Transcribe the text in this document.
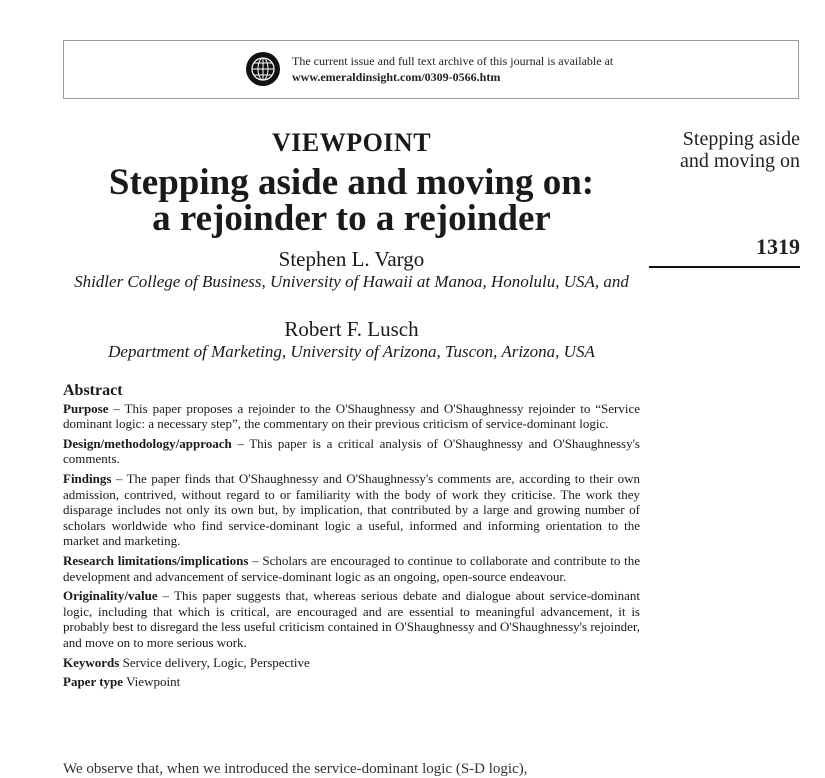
The current issue and full text archive of this journal is available at
www.emeraldinsight.com/0309-0566.htm
Stepping aside
and moving on
1319
VIEWPOINT
Stepping aside and moving on:
a rejoinder to a rejoinder
Stephen L. Vargo
Shidler College of Business, University of Hawaii at Manoa, Honolulu, USA, and
Robert F. Lusch
Department of Marketing, University of Arizona, Tuscon, Arizona, USA
Abstract

Purpose – This paper proposes a rejoinder to the O'Shaughnessy and O'Shaughnessy rejoinder to “Service dominant logic: a necessary step”, the commentary on their previous criticism of service-dominant logic.

Design/methodology/approach – This paper is a critical analysis of O'Shaughnessy and O'Shaughnessy's comments.

Findings – The paper finds that O'Shaughnessy and O'Shaughnessy's comments are, according to their own admission, contrived, without regard to or familiarity with the body of work they criticise. The work they disparage includes not only its own but, by implication, that contributed by a large and growing number of scholars worldwide who find service-dominant logic a useful, informed and informing orientation to the market and marketing.

Research limitations/implications – Scholars are encouraged to continue to collaborate and contribute to the development and advancement of service-dominant logic as an ongoing, open-source endeavour.

Originality/value – This paper suggests that, whereas serious debate and dialogue about service-dominant logic, including that which is critical, are encouraged and are essential to meaningful advancement, it is probably best to disregard the less useful criticism contained in O'Shaughnessy and O'Shaughnessy's rejoinder, and move on to more serious work.

Keywords Service delivery, Logic, Perspective

Paper type Viewpoint

We observe that, when we introduced the service-dominant logic (S-D logic),
